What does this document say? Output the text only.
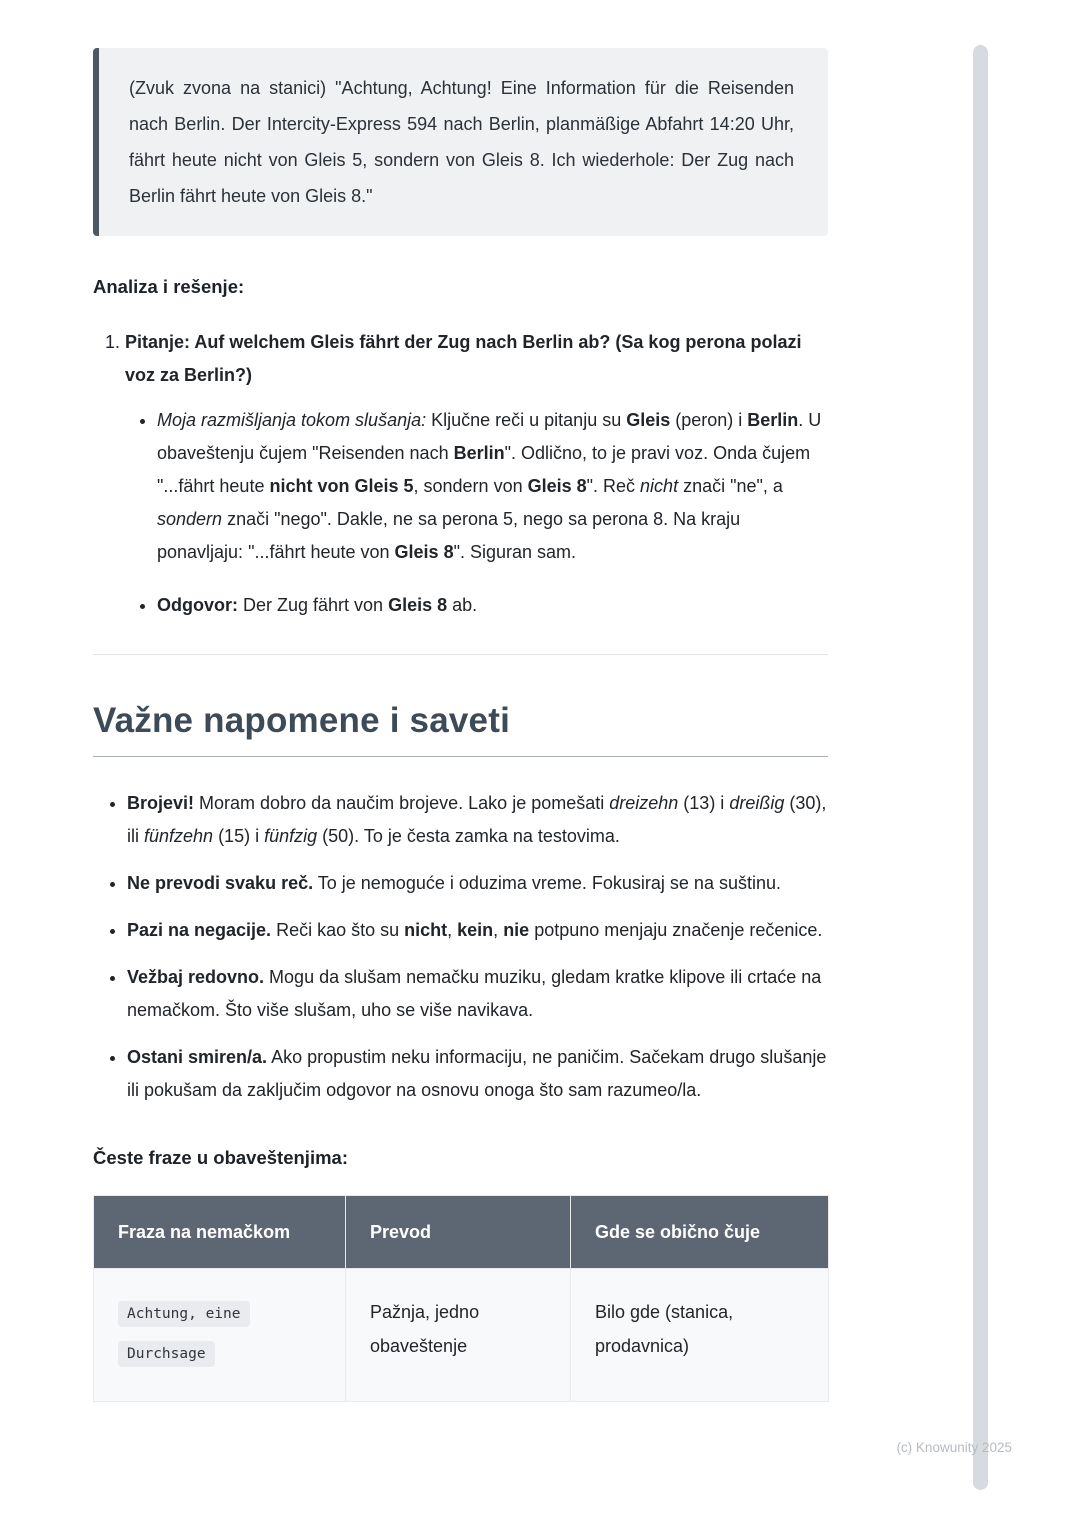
(Zvuk zvona na stanici) "Achtung, Achtung! Eine Information für die Reisenden nach Berlin. Der Intercity-Express 594 nach Berlin, planmäßige Abfahrt 14:20 Uhr, fährt heute nicht von Gleis 5, sondern von Gleis 8. Ich wiederhole: Der Zug nach Berlin fährt heute von Gleis 8."

Analiza i rešenje:

1. Pitanje: Auf welchem Gleis fährt der Zug nach Berlin ab? (Sa kog perona polazi voz za Berlin?)
• Moja razmišljanja tokom slušanja: Ključne reči u pitanju su Gleis (peron) i Berlin. U obaveštenju čujem "Reisenden nach Berlin". Odlično, to je pravi voz. Onda čujem "...fährt heute nicht von Gleis 5, sondern von Gleis 8". Reč nicht znači "ne", a sondern znači "nego". Dakle, ne sa perona 5, nego sa perona 8. Na kraju ponavljaju: "...fährt heute von Gleis 8". Siguran sam.
• Odgovor: Der Zug fährt von Gleis 8 ab.
Važne napomene i saveti
• Brojevi! Moram dobro da naučim brojeve. Lako je pomešati dreizehn (13) i dreißig (30), ili fünfzehn (15) i fünfzig (50). To je česta zamka na testovima.
• Ne prevodi svaku reč. To je nemoguće i oduzima vreme. Fokusiraj se na suštinu.
• Pazi na negacije. Reči kao što su nicht, kein, nie potpuno menjaju značenje rečenice.
• Vežbaj redovno. Mogu da slušam nemačku muziku, gledam kratke klipove ili crtaće na nemačkom. Što više slušam, uho se više navikava.
• Ostani smiren/a. Ako propustim neku informaciju, ne paničim. Sačekam drugo slušanje ili pokušam da zaključim odgovor na osnovu onoga što sam razumeo/la.

Česte fraze u obaveštenjima:

Fraza na nemačkom	Prevod	Gde se obično čuje
Achtung, eine
Durchsage	Pažnja, jedno obaveštenje	Bilo gde (stanica, prodavnica)
(c) Knowunity 2025
